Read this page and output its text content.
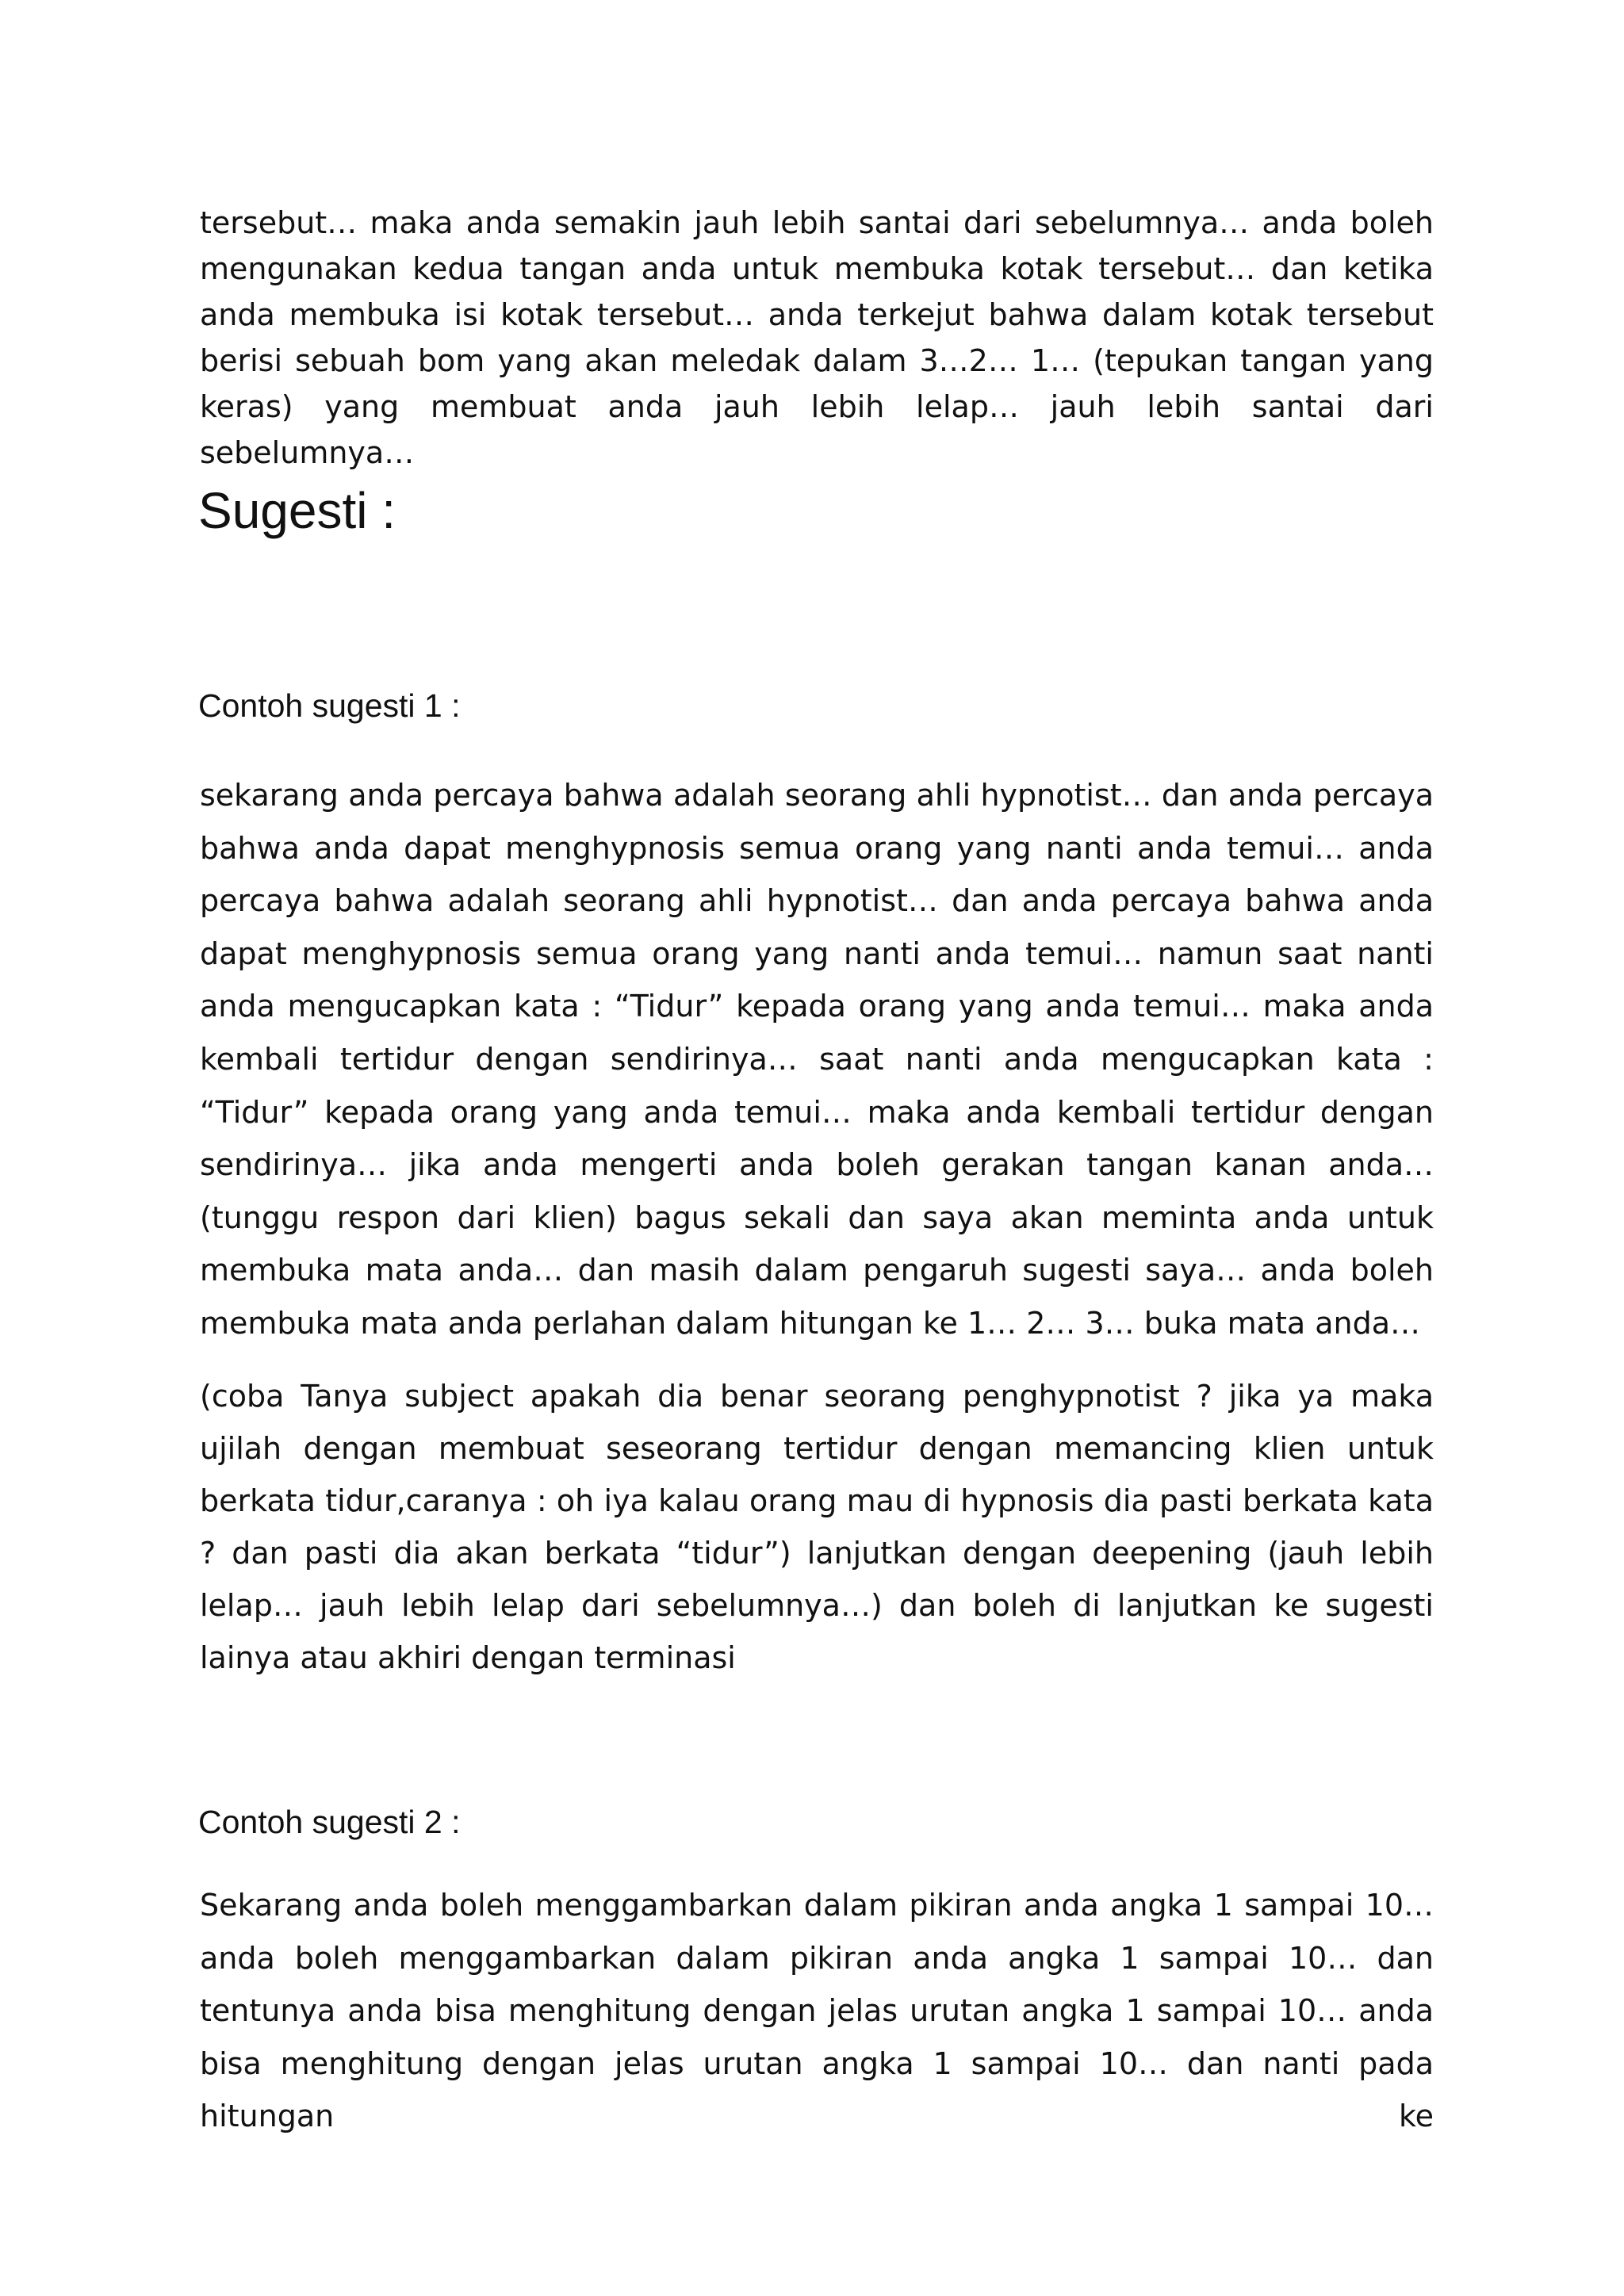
tersebut… maka anda semakin jauh lebih santai dari sebelumnya… anda boleh mengunakan kedua tangan anda untuk membuka kotak tersebut… dan ketika anda membuka isi kotak tersebut… anda terkejut bahwa dalam kotak tersebut berisi sebuah bom yang akan meledak dalam 3…2… 1… (tepukan tangan yang keras) yang membuat anda jauh lebih lelap… jauh lebih santai dari sebelumnya…

Sugesti :
Contoh sugesti 1 :

sekarang anda percaya bahwa adalah seorang ahli hypnotist… dan anda percaya bahwa anda dapat menghypnosis semua orang yang nanti anda temui… anda percaya bahwa adalah seorang ahli hypnotist… dan anda percaya bahwa anda dapat menghypnosis semua orang yang nanti anda temui… namun saat nanti anda mengucapkan kata : “Tidur” kepada orang yang anda temui… maka anda kembali tertidur dengan sendirinya… saat nanti anda mengucapkan kata : “Tidur” kepada orang yang anda temui… maka anda kembali tertidur dengan sendirinya… jika anda mengerti anda boleh gerakan tangan kanan anda… (tunggu respon dari klien) bagus sekali dan saya akan meminta anda untuk membuka mata anda… dan masih dalam pengaruh sugesti saya… anda boleh membuka mata anda perlahan dalam hitungan ke 1… 2… 3… buka mata anda…

(coba Tanya subject apakah dia benar seorang penghypnotist ? jika ya maka ujilah dengan membuat seseorang tertidur dengan memancing klien untuk berkata tidur,caranya : oh iya kalau orang mau di hypnosis dia pasti berkata kata ? dan pasti dia akan berkata “tidur”) lanjutkan dengan deepening (jauh lebih lelap… jauh lebih lelap dari sebelumnya…) dan boleh di lanjutkan ke sugesti lainya atau akhiri dengan terminasi

Contoh sugesti 2 :

Sekarang anda boleh menggambarkan dalam pikiran anda angka 1 sampai 10… anda boleh menggambarkan dalam pikiran anda angka 1 sampai 10… dan tentunya anda bisa menghitung dengan jelas urutan angka 1 sampai 10… anda bisa menghitung dengan jelas urutan angka 1 sampai 10… dan nanti pada hitungan ke
